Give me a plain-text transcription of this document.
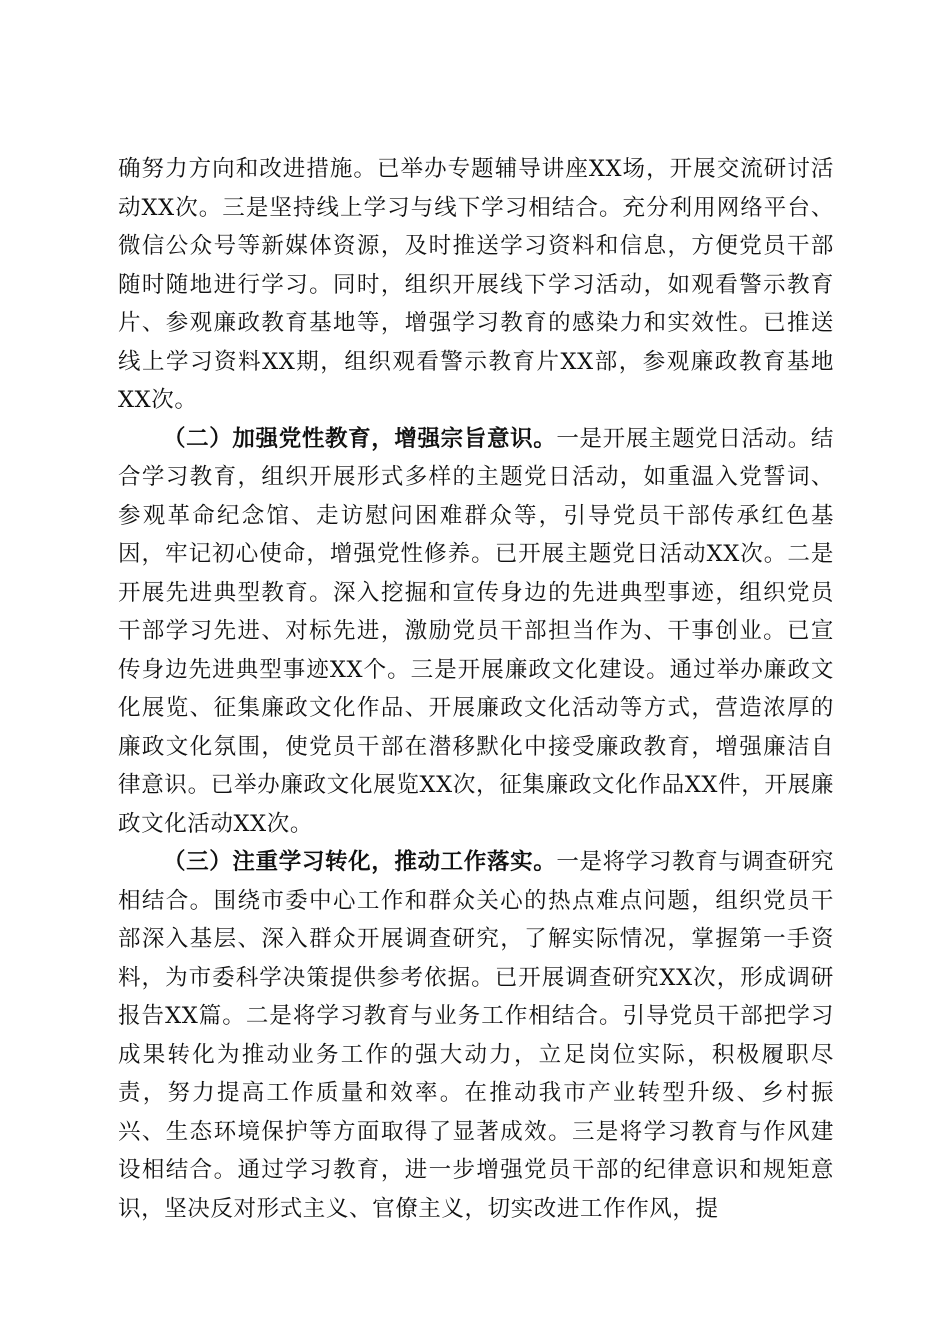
确努力方向和改进措施。已举办专题辅导讲座XX场，开展交流研讨活动XX次。三是坚持线上学习与线下学习相结合。充分利用网络平台、微信公众号等新媒体资源，及时推送学习资料和信息，方便党员干部随时随地进行学习。同时，组织开展线下学习活动，如观看警示教育片、参观廉政教育基地等，增强学习教育的感染力和实效性。已推送线上学习资料XX期，组织观看警示教育片XX部，参观廉政教育基地XX次。

（二）加强党性教育，增强宗旨意识。一是开展主题党日活动。结合学习教育，组织开展形式多样的主题党日活动，如重温入党誓词、参观革命纪念馆、走访慰问困难群众等，引导党员干部传承红色基因，牢记初心使命，增强党性修养。已开展主题党日活动XX次。二是开展先进典型教育。深入挖掘和宣传身边的先进典型事迹，组织党员干部学习先进、对标先进，激励党员干部担当作为、干事创业。已宣传身边先进典型事迹XX个。三是开展廉政文化建设。通过举办廉政文化展览、征集廉政文化作品、开展廉政文化活动等方式，营造浓厚的廉政文化氛围，使党员干部在潜移默化中接受廉政教育，增强廉洁自律意识。已举办廉政文化展览XX次，征集廉政文化作品XX件，开展廉政文化活动XX次。

（三）注重学习转化，推动工作落实。一是将学习教育与调查研究相结合。围绕市委中心工作和群众关心的热点难点问题，组织党员干部深入基层、深入群众开展调查研究，了解实际情况，掌握第一手资料，为市委科学决策提供参考依据。已开展调查研究XX次，形成调研报告XX篇。二是将学习教育与业务工作相结合。引导党员干部把学习成果转化为推动业务工作的强大动力，立足岗位实际，积极履职尽责，努力提高工作质量和效率。在推动我市产业转型升级、乡村振兴、生态环境保护等方面取得了显著成效。三是将学习教育与作风建设相结合。通过学习教育，进一步增强党员干部的纪律意识和规矩意识，坚决反对形式主义、官僚主义，切实改进工作作风，提
